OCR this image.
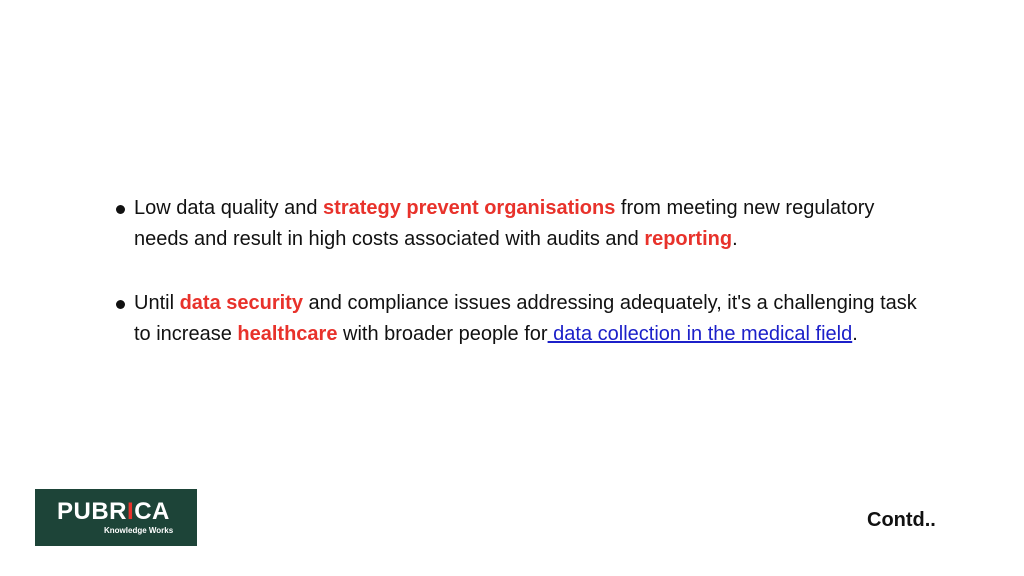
Low data quality and strategy prevent organisations from meeting new regulatory needs and result in high costs associated with audits and reporting.
Until data security and compliance issues addressing adequately, it's a challenging task to increase healthcare with broader people for data collection in the medical field.
PUBRICA
Knowledge Works	Contd..
